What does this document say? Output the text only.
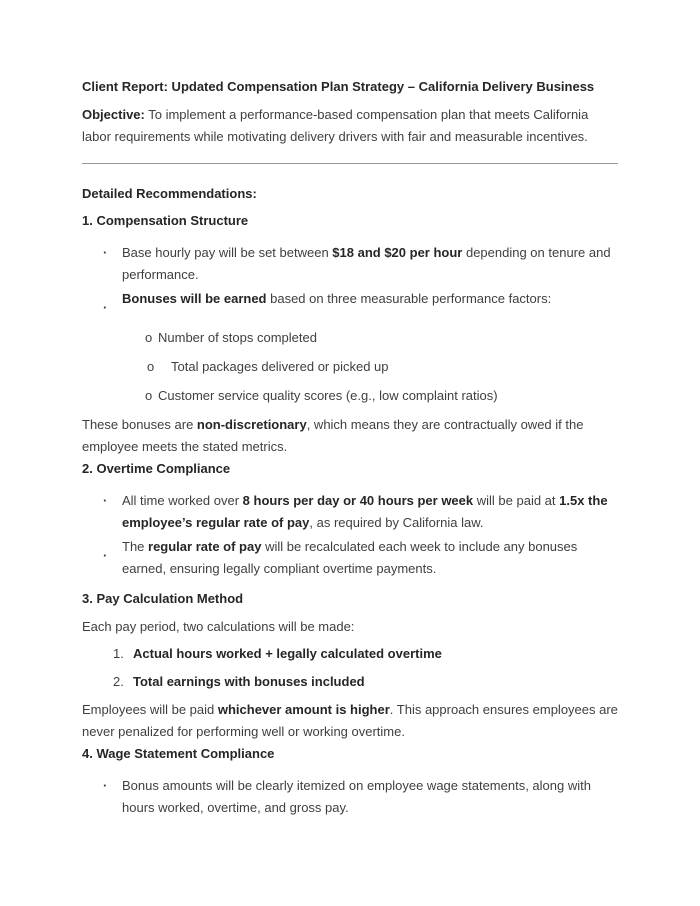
Client Report: Updated Compensation Plan Strategy – California Delivery Business

Objective: To implement a performance-based compensation plan that meets California labor requirements while motivating delivery drivers with fair and measurable incentives.

Detailed Recommendations:

1. Compensation Structure

·	Base hourly pay will be set between $18 and $20 per hour depending on tenure and performance.
·
Bonuses will be earned based on three measurable performance factors:
o Number of stops completed
o	Total packages delivered or picked up
o Customer service quality scores (e.g., low complaint ratios)

These bonuses are non-discretionary, which means they are contractually owed if the employee meets the stated metrics.

2. Overtime Compliance

·	All time worked over 8 hours per day or 40 hours per week will be paid at 1.5x the employee’s regular rate of pay, as required by California law.
·
The regular rate of pay will be recalculated each week to include any bonuses earned, ensuring legally compliant overtime payments.

3. Pay Calculation Method

Each pay period, two calculations will be made:

1. Actual hours worked + legally calculated overtime
2. Total earnings with bonuses included

Employees will be paid whichever amount is higher. This approach ensures employees are never penalized for performing well or working overtime.

4. Wage Statement Compliance

·	Bonus amounts will be clearly itemized on employee wage statements, along with hours worked, overtime, and gross pay.
